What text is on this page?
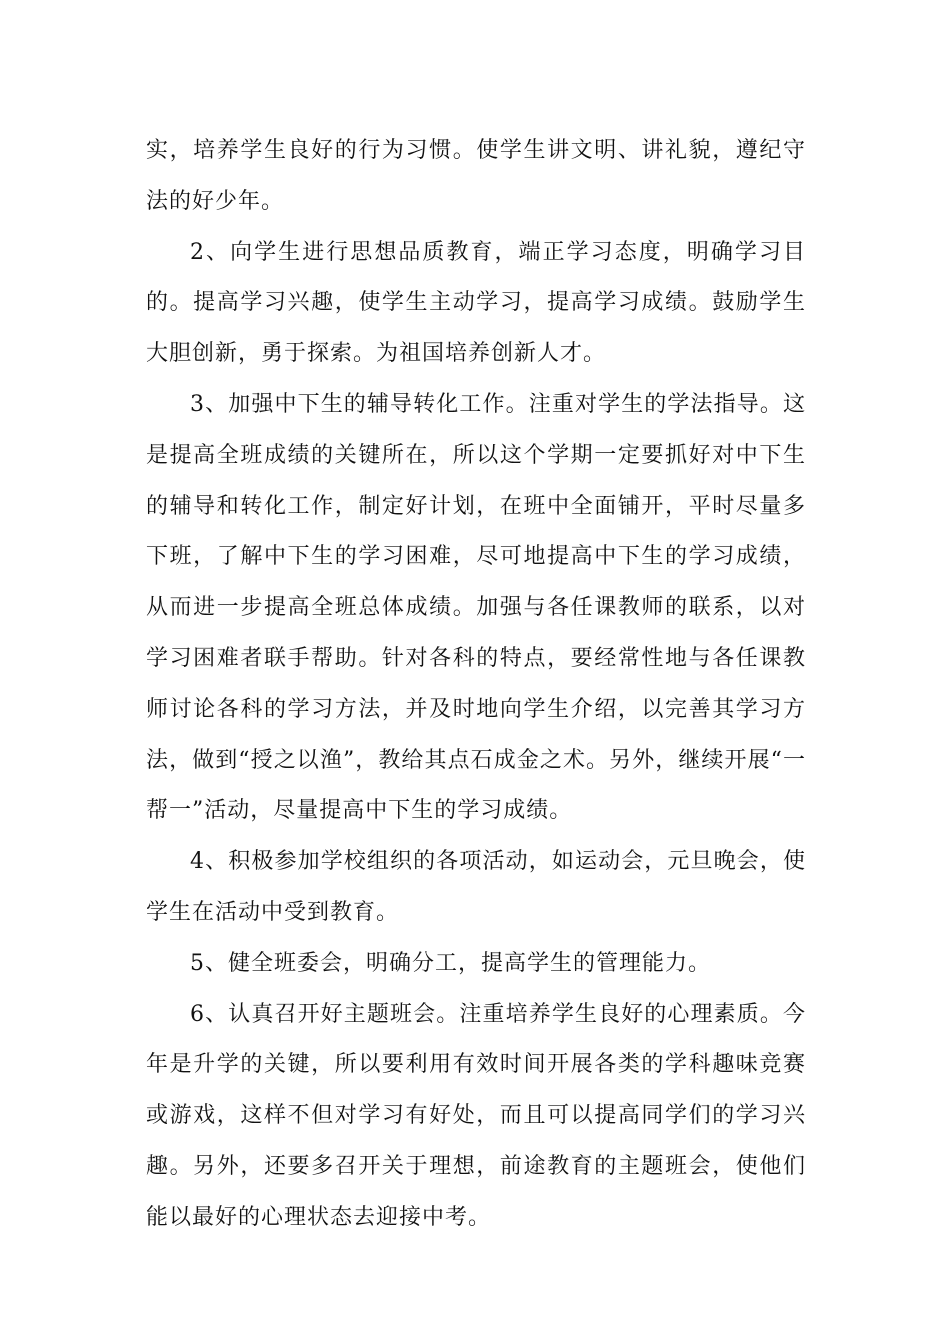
实，培养学生良好的行为习惯。使学生讲文明、讲礼貌，遵纪守法的好少年。

2、向学生进行思想品质教育，端正学习态度，明确学习目的。提高学习兴趣，使学生主动学习，提高学习成绩。鼓励学生大胆创新，勇于探索。为祖国培养创新人才。

3、加强中下生的辅导转化工作。注重对学生的学法指导。这是提高全班成绩的关键所在，所以这个学期一定要抓好对中下生的辅导和转化工作，制定好计划，在班中全面铺开，平时尽量多下班，了解中下生的学习困难，尽可地提高中下生的学习成绩，从而进一步提高全班总体成绩。加强与各任课教师的联系，以对学习困难者联手帮助。针对各科的特点，要经常性地与各任课教师讨论各科的学习方法，并及时地向学生介绍，以完善其学习方法，做到“授之以渔”，教给其点石成金之术。另外，继续开展“一帮一”活动，尽量提高中下生的学习成绩。

4、积极参加学校组织的各项活动，如运动会，元旦晚会，使学生在活动中受到教育。

5、健全班委会，明确分工，提高学生的管理能力。

6、认真召开好主题班会。注重培养学生良好的心理素质。今年是升学的关键，所以要利用有效时间开展各类的学科趣味竞赛或游戏，这样不但对学习有好处，而且可以提高同学们的学习兴趣。另外，还要多召开关于理想，前途教育的主题班会，使他们能以最好的心理状态去迎接中考。
